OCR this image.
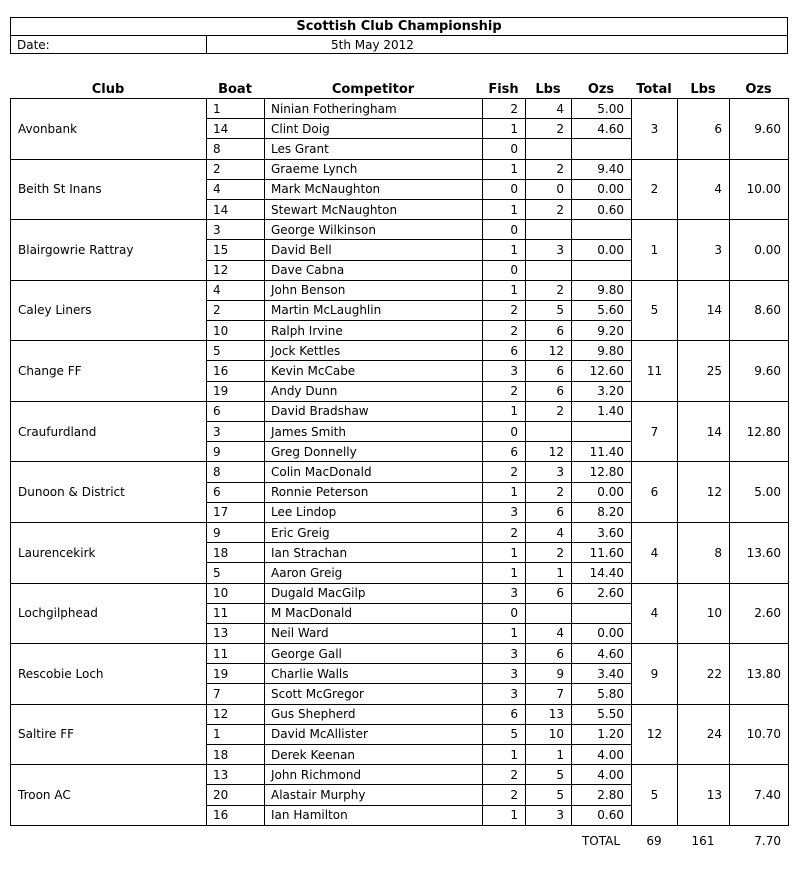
Scottish Club Championship
Date:	5th May 2012
Club	Boat	Competitor	Fish	Lbs	Ozs	Total	Lbs	Ozs
Avonbank	1	Ninian Fotheringham	2	4	5.00	3	6	9.60
	14	Clint Doig	1	2	4.60			
	8	Les Grant	0					
Beith St Inans	2	Graeme Lynch	1	2	9.40	2	4	10.00
	4	Mark McNaughton	0	0	0.00			
	14	Stewart McNaughton	1	2	0.60			
Blairgowrie Rattray	3	George Wilkinson	0			1	3	0.00
	15	David Bell	1	3	0.00			
	12	Dave Cabna	0					
Caley Liners	4	John Benson	1	2	9.80	5	14	8.60
	2	Martin McLaughlin	2	5	5.60			
	10	Ralph Irvine	2	6	9.20			
Change FF	5	Jock Kettles	6	12	9.80	11	25	9.60
	16	Kevin McCabe	3	6	12.60			
	19	Andy Dunn	2	6	3.20			
Craufurdland	6	David Bradshaw	1	2	1.40	7	14	12.80
	3	James Smith	0					
	9	Greg Donnelly	6	12	11.40			
Dunoon & District	8	Colin MacDonald	2	3	12.80	6	12	5.00
	6	Ronnie Peterson	1	2	0.00			
	17	Lee Lindop	3	6	8.20			
Laurencekirk	9	Eric Greig	2	4	3.60	4	8	13.60
	18	Ian Strachan	1	2	11.60			
	5	Aaron Greig	1	1	14.40			
Lochgilphead	10	Dugald MacGilp	3	6	2.60	4	10	2.60
	11	M MacDonald	0					
	13	Neil Ward	1	4	0.00			
Rescobie Loch	11	George Gall	3	6	4.60	9	22	13.80
	19	Charlie Walls	3	9	3.40			
	7	Scott McGregor	3	7	5.80			
Saltire FF	12	Gus Shepherd	6	13	5.50	12	24	10.70
	1	David McAllister	5	10	1.20			
	18	Derek Keenan	1	1	4.00			
Troon AC	13	John Richmond	2	5	4.00	5	13	7.40
	20	Alastair Murphy	2	5	2.80			
	16	Ian Hamilton	1	3	0.60			
					TOTAL	69	161	7.70
